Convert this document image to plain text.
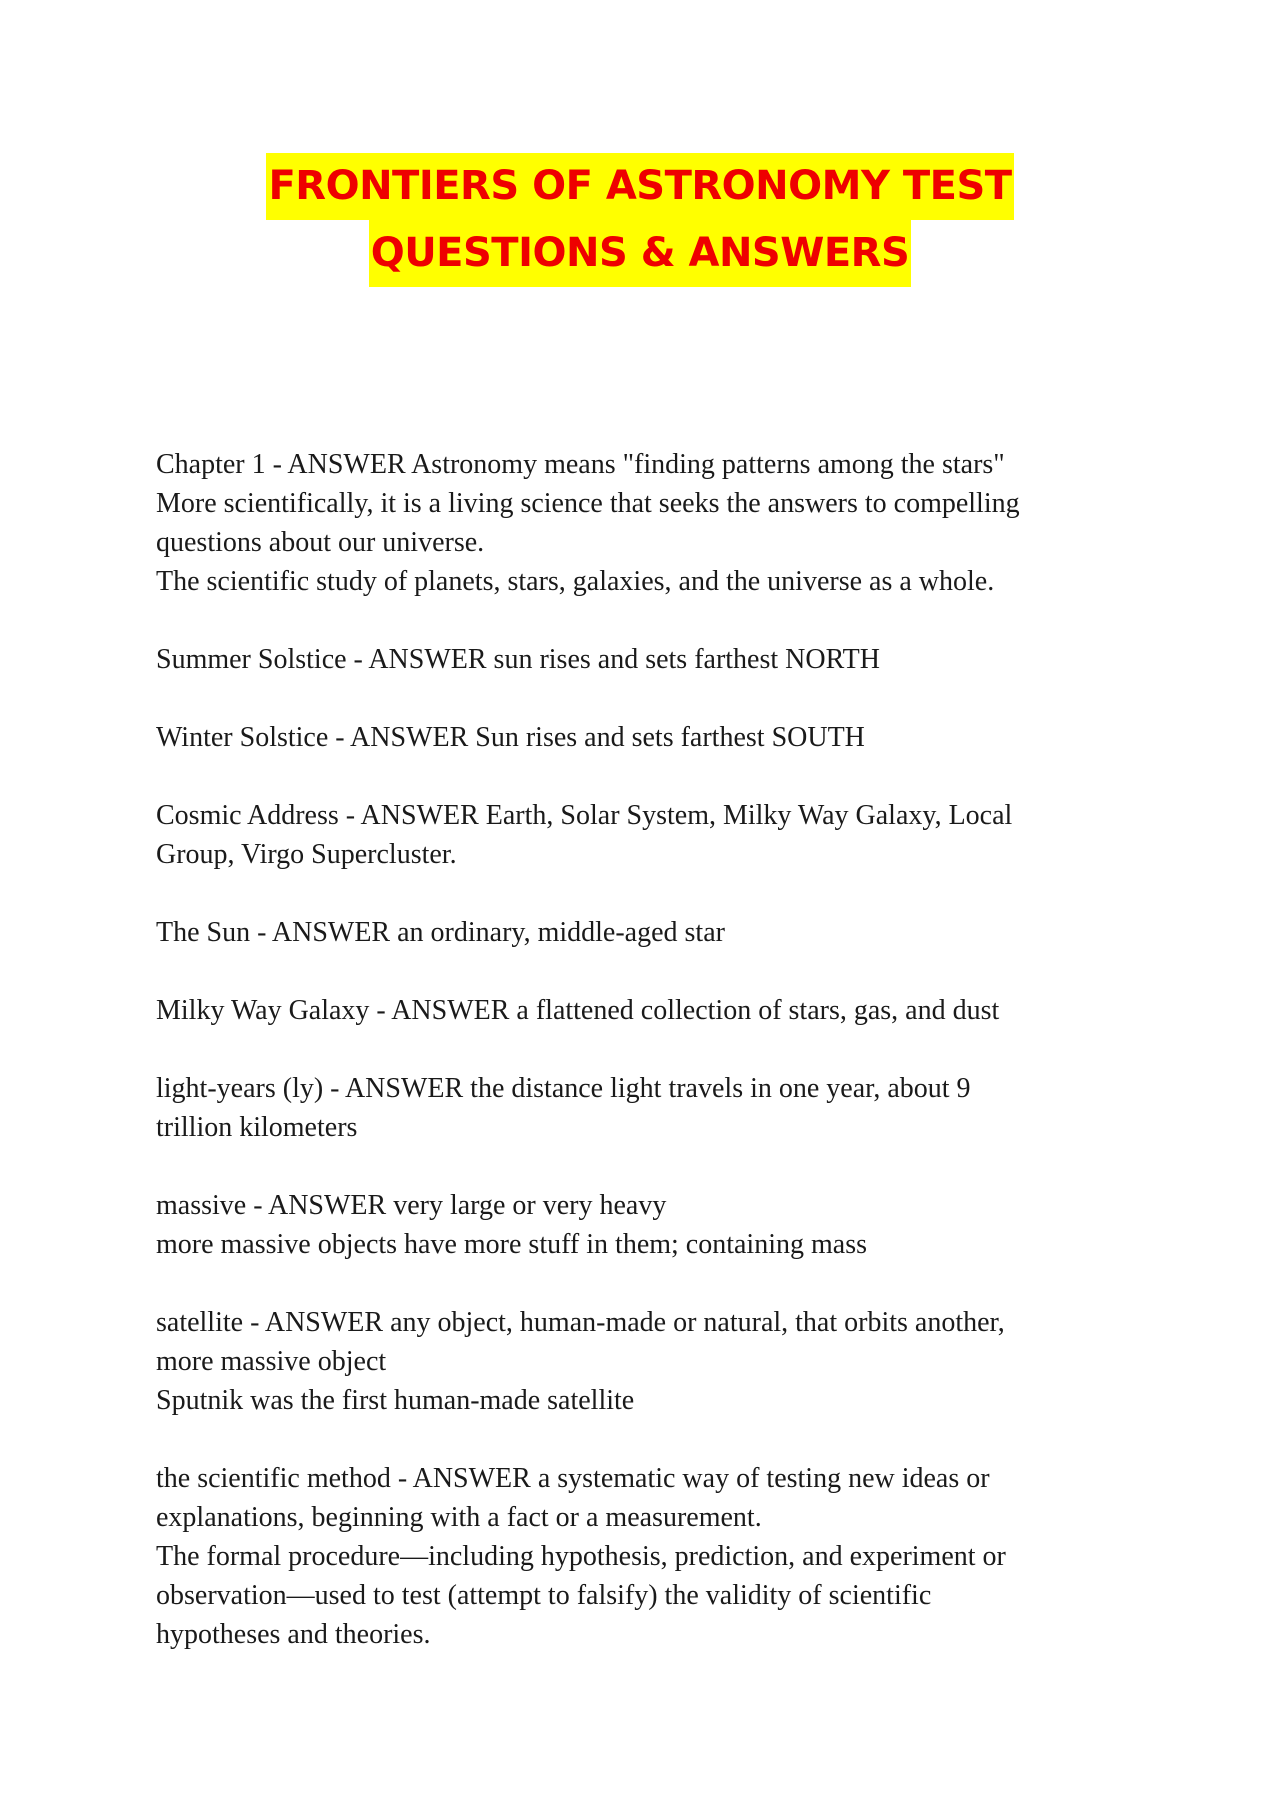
FRONTIERS OF ASTRONOMY TEST
QUESTIONS & ANSWERS
Chapter 1 - ANSWER Astronomy means "finding patterns among the stars"
More scientifically, it is a living science that seeks the answers to compelling
questions about our universe.
The scientific study of planets, stars, galaxies, and the universe as a whole.
Summer Solstice - ANSWER sun rises and sets farthest NORTH
Winter Solstice - ANSWER Sun rises and sets farthest SOUTH
Cosmic Address - ANSWER Earth, Solar System, Milky Way Galaxy, Local
Group, Virgo Supercluster.
The Sun - ANSWER an ordinary, middle-aged star
Milky Way Galaxy - ANSWER a flattened collection of stars, gas, and dust
light-years (ly) - ANSWER the distance light travels in one year, about 9
trillion kilometers
massive - ANSWER very large or very heavy
more massive objects have more stuff in them; containing mass
satellite - ANSWER any object, human-made or natural, that orbits another,
more massive object
Sputnik was the first human-made satellite
the scientific method - ANSWER a systematic way of testing new ideas or
explanations, beginning with a fact or a measurement.
The formal procedure—including hypothesis, prediction, and experiment or
observation—used to test (attempt to falsify) the validity of scientific
hypotheses and theories.
